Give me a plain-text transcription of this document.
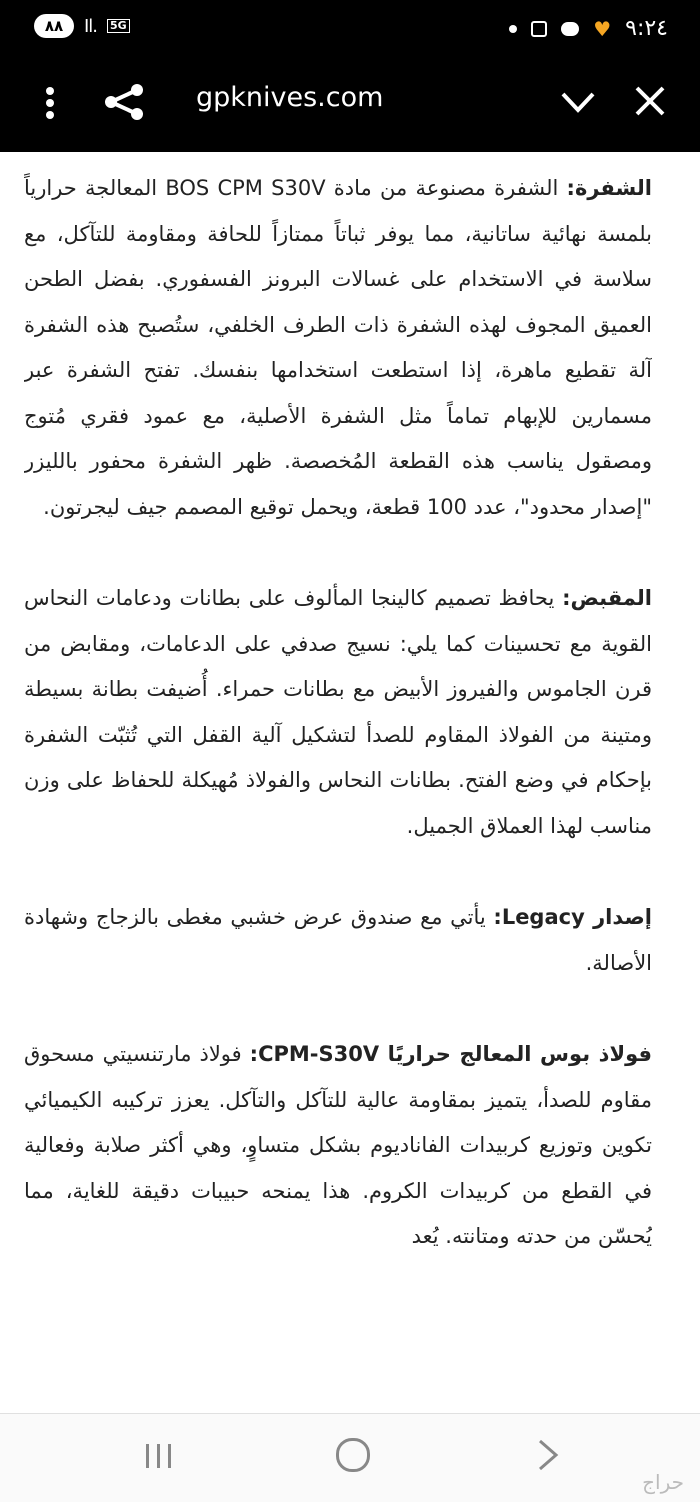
٨٨	Il. 5G	♥ ٩:٢٤
gpknives.com

الشفرة: الشفرة مصنوعة من مادة BOS CPM S30V المعالجة حرارياً بلمسة نهائية ساتانية، مما يوفر ثباتاً ممتازاً للحافة ومقاومة للتآكل، مع سلاسة في الاستخدام على غسالات البرونز الفسفوري. بفضل الطحن العميق المجوف لهذه الشفرة ذات الطرف الخلفي، ستُصبح هذه الشفرة آلة تقطيع ماهرة، إذا استطعت استخدامها بنفسك. تفتح الشفرة عبر مسمارين للإبهام تماماً مثل الشفرة الأصلية، مع عمود فقري مُتوج ومصقول يناسب هذه القطعة المُخصصة. ظهر الشفرة محفور بالليزر "إصدار محدود"، عدد 100 قطعة، ويحمل توقيع المصمم جيف ليجرتون.

المقبض: يحافظ تصميم كالينجا المألوف على بطانات ودعامات النحاس القوية مع تحسينات كما يلي: نسيج صدفي على الدعامات، ومقابض من قرن الجاموس والفيروز الأبيض مع بطانات حمراء. أُضيفت بطانة بسيطة ومتينة من الفولاذ المقاوم للصدأ لتشكيل آلية القفل التي تُثبّت الشفرة بإحكام في وضع الفتح. بطانات النحاس والفولاذ مُهيكلة للحفاظ على وزن مناسب لهذا العملاق الجميل.

إصدار Legacy: يأتي مع صندوق عرض خشبي مغطى بالزجاج وشهادة الأصالة.

فولاذ بوس المعالج حراريًا CPM-S30V: فولاذ مارتنسيتي مسحوق مقاوم للصدأ، يتميز بمقاومة عالية للتآكل والتآكل. يعزز تركيبه الكيميائي تكوين وتوزيع كربيدات الفاناديوم بشكل متساوٍ، وهي أكثر صلابة وفعالية في القطع من كربيدات الكروم. هذا يمنحه حبيبات دقيقة للغاية، مما يُحسّن من حدته ومتانته. يُعد

حراج
